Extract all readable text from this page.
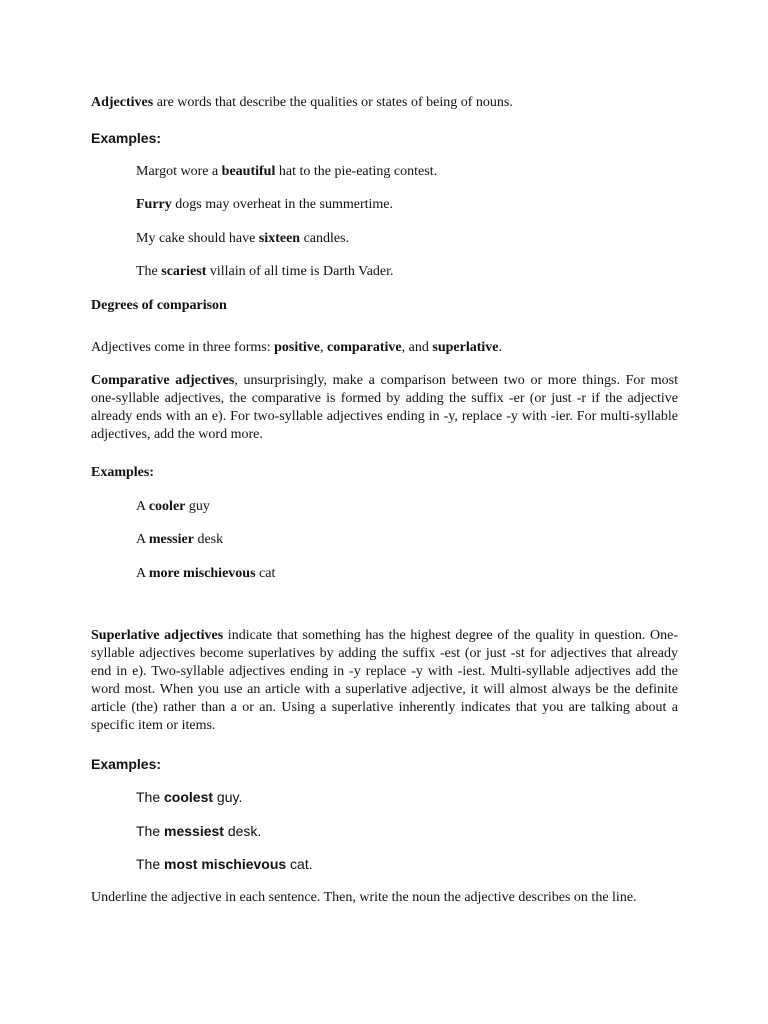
Adjectives are words that describe the qualities or states of being of nouns.

Examples:

Margot wore a beautiful hat to the pie-eating contest.

Furry dogs may overheat in the summertime.

My cake should have sixteen candles.

The scariest villain of all time is Darth Vader.

Degrees of comparison

Adjectives come in three forms: positive, comparative, and superlative.

Comparative adjectives, unsurprisingly, make a comparison between two or more things. For most one-syllable adjectives, the comparative is formed by adding the suffix -er (or just -r if the adjective already ends with an e). For two-syllable adjectives ending in -y, replace -y with -ier. For multi-syllable adjectives, add the word more.

Examples:

A cooler guy

A messier desk

A more mischievous cat

Superlative adjectives indicate that something has the highest degree of the quality in question. One-syllable adjectives become superlatives by adding the suffix -est (or just -st for adjectives that already end in e). Two-syllable adjectives ending in -y replace -y with -iest. Multi-syllable adjectives add the word most. When you use an article with a superlative adjective, it will almost always be the definite article (the) rather than a or an. Using a superlative inherently indicates that you are talking about a specific item or items.

Examples:

The coolest guy.

The messiest desk.

The most mischievous cat.

Underline the adjective in each sentence. Then, write the noun the adjective describes on the line.
